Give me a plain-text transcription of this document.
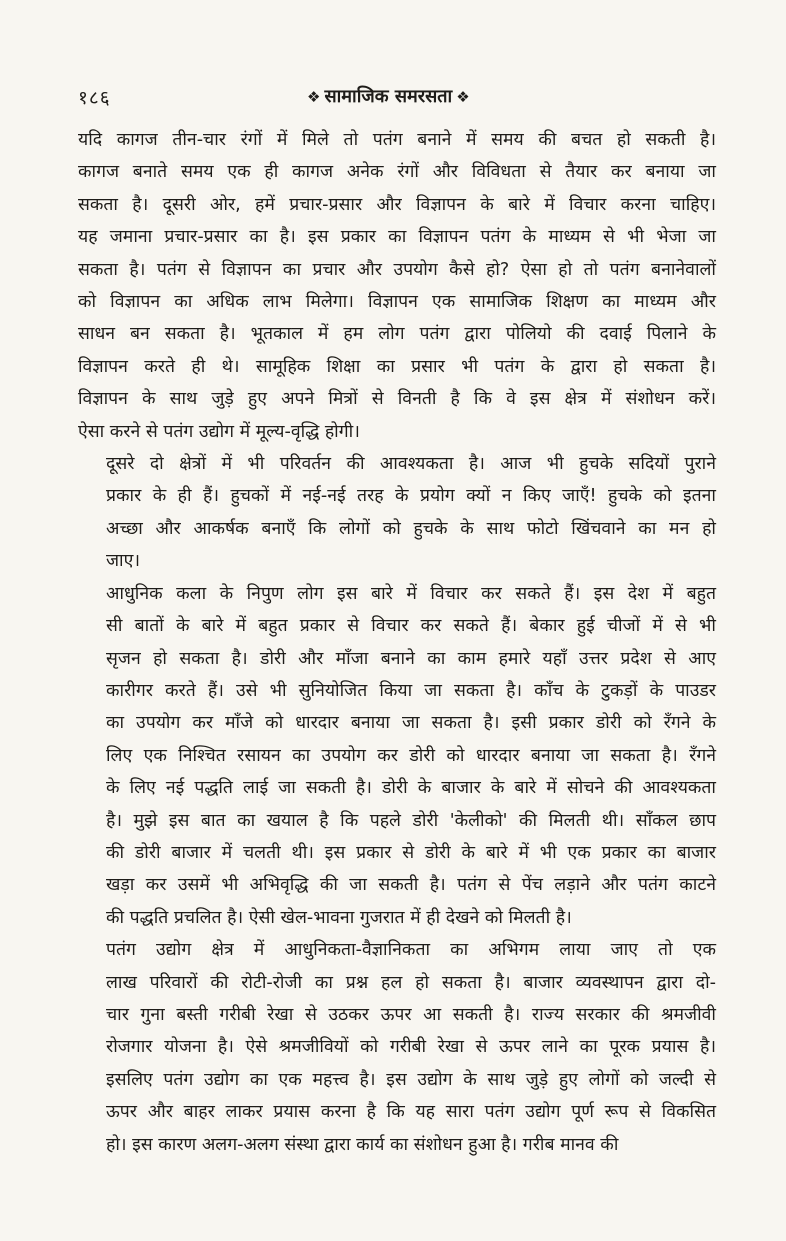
१८६	❖ सामाजिक समरसता ❖

यदि कागज तीन-चार रंगों में मिले तो पतंग बनाने में समय की बचत हो सकती है।
कागज बनाते समय एक ही कागज अनेक रंगों और विविधता से तैयार कर बनाया जा
सकता है। दूसरी ओर, हमें प्रचार-प्रसार और विज्ञापन के बारे में विचार करना चाहिए।
यह जमाना प्रचार-प्रसार का है। इस प्रकार का विज्ञापन पतंग के माध्यम से भी भेजा जा
सकता है। पतंग से विज्ञापन का प्रचार और उपयोग कैसे हो? ऐसा हो तो पतंग बनानेवालों
को विज्ञापन का अधिक लाभ मिलेगा। विज्ञापन एक सामाजिक शिक्षण का माध्यम और
साधन बन सकता है। भूतकाल में हम लोग पतंग द्वारा पोलियो की दवाई पिलाने के
विज्ञापन करते ही थे। सामूहिक शिक्षा का प्रसार भी पतंग के द्वारा हो सकता है।
विज्ञापन के साथ जुड़े हुए अपने मित्रों से विनती है कि वे इस क्षेत्र में संशोधन करें।
ऐसा करने से पतंग उद्योग में मूल्य-वृद्धि होगी।

दूसरे दो क्षेत्रों में भी परिवर्तन की आवश्यकता है। आज भी हुचके सदियों पुराने
प्रकार के ही हैं। हुचकों में नई-नई तरह के प्रयोग क्यों न किए जाएँ! हुचके को इतना
अच्छा और आकर्षक बनाएँ कि लोगों को हुचके के साथ फोटो खिंचवाने का मन हो
जाए।

आधुनिक कला के निपुण लोग इस बारे में विचार कर सकते हैं। इस देश में बहुत
सी बातों के बारे में बहुत प्रकार से विचार कर सकते हैं। बेकार हुई चीजों में से भी
सृजन हो सकता है। डोरी और माँजा बनाने का काम हमारे यहाँ उत्तर प्रदेश से आए
कारीगर करते हैं। उसे भी सुनियोजित किया जा सकता है। काँच के टुकड़ों के पाउडर
का उपयोग कर माँजे को धारदार बनाया जा सकता है। इसी प्रकार डोरी को रँगने के
लिए एक निश्चित रसायन का उपयोग कर डोरी को धारदार बनाया जा सकता है। रँगने
के लिए नई पद्धति लाई जा सकती है। डोरी के बाजार के बारे में सोचने की आवश्यकता
है। मुझे इस बात का खयाल है कि पहले डोरी 'केलीको' की मिलती थी। साँकल छाप
की डोरी बाजार में चलती थी। इस प्रकार से डोरी के बारे में भी एक प्रकार का बाजार
खड़ा कर उसमें भी अभिवृद्धि की जा सकती है। पतंग से पेंच लड़ाने और पतंग काटने
की पद्धति प्रचलित है। ऐसी खेल-भावना गुजरात में ही देखने को मिलती है।

पतंग उद्योग क्षेत्र में आधुनिकता-वैज्ञानिकता का अभिगम लाया जाए तो एक
लाख परिवारों की रोटी-रोजी का प्रश्न हल हो सकता है। बाजार व्यवस्थापन द्वारा दो-
चार गुना बस्ती गरीबी रेखा से उठकर ऊपर आ सकती है। राज्य सरकार की श्रमजीवी
रोजगार योजना है। ऐसे श्रमजीवियों को गरीबी रेखा से ऊपर लाने का पूरक प्रयास है।
इसलिए पतंग उद्योग का एक महत्त्व है। इस उद्योग के साथ जुड़े हुए लोगों को जल्दी से
ऊपर और बाहर लाकर प्रयास करना है कि यह सारा पतंग उद्योग पूर्ण रूप से विकसित
हो। इस कारण अलग-अलग संस्था द्वारा कार्य का संशोधन हुआ है। गरीब मानव की
